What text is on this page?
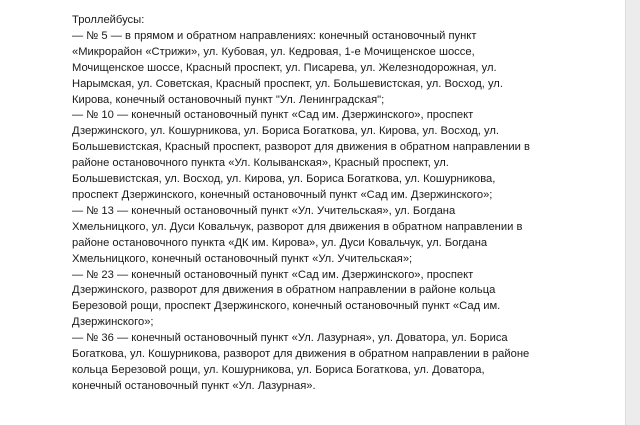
Троллейбусы:
— № 5 — в прямом и обратном направлениях: конечный остановочный пункт
«Микрорайон «Стрижи», ул. Кубовая, ул. Кедровая, 1-е Мочищенское шоссе,
Мочищенское шоссе, Красный проспект, ул. Писарева, ул. Железнодорожная, ул.
Нарымская, ул. Советская, Красный проспект, ул. Большевистская, ул. Восход, ул.
Кирова, конечный остановочный пункт "Ул. Ленинградская";
— № 10 — конечный остановочный пункт «Сад им. Дзержинского», проспект
Дзержинского, ул. Кошурникова, ул. Бориса Богаткова, ул. Кирова, ул. Восход, ул.
Большевистская, Красный проспект, разворот для движения в обратном направлении в
районе остановочного пункта «Ул. Колыванская», Красный проспект, ул.
Большевистская, ул. Восход, ул. Кирова, ул. Бориса Богаткова, ул. Кошурникова,
проспект Дзержинского, конечный остановочный пункт «Сад им. Дзержинского»;
— № 13 — конечный остановочный пункт «Ул. Учительская», ул. Богдана
Хмельницкого, ул. Дуси Ковальчук, разворот для движения в обратном направлении в
районе остановочного пункта «ДК им. Кирова», ул. Дуси Ковальчук, ул. Богдана
Хмельницкого, конечный остановочный пункт «Ул. Учительская»;
— № 23 — конечный остановочный пункт «Сад им. Дзержинского», проспект
Дзержинского, разворот для движения в обратном направлении в районе кольца
Березовой рощи, проспект Дзержинского, конечный остановочный пункт «Сад им.
Дзержинского»;
— № 36 — конечный остановочный пункт «Ул. Лазурная», ул. Доватора, ул. Бориса
Богаткова, ул. Кошурникова, разворот для движения в обратном направлении в районе
кольца Березовой рощи, ул. Кошурникова, ул. Бориса Богаткова, ул. Доватора,
конечный остановочный пункт «Ул. Лазурная».
